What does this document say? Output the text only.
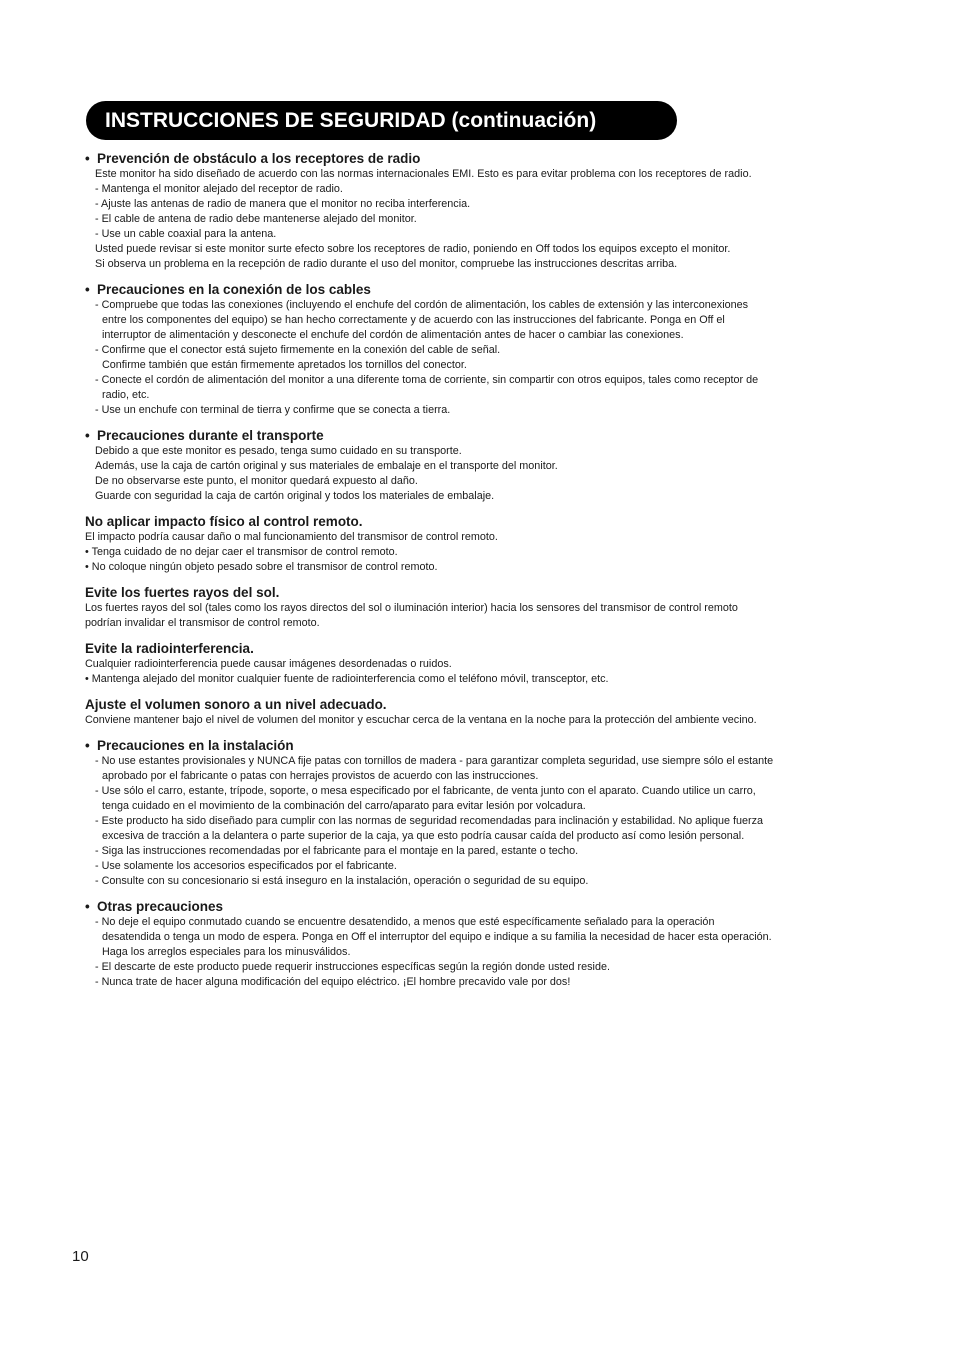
INSTRUCCIONES DE SEGURIDAD (continuación)
• Prevención de obstáculo a los receptores de radio
Este monitor ha sido diseñado de acuerdo con las normas internacionales EMI. Esto es para evitar problema con los receptores de radio.
- Mantenga el monitor alejado del receptor de radio.
- Ajuste las antenas de radio de manera que el monitor no reciba interferencia.
- El cable de antena de radio debe mantenerse alejado del monitor.
- Use un cable coaxial para la antena.
Usted puede revisar si este monitor surte efecto sobre los receptores de radio, poniendo en Off todos los equipos excepto el monitor.
Si observa un problema en la recepción de radio durante el uso del monitor, compruebe las instrucciones descritas arriba.
• Precauciones en la conexión de los cables
- Compruebe que todas las conexiones (incluyendo el enchufe del cordón de alimentación, los cables de extensión y las interconexiones
entre los componentes del equipo) se han hecho correctamente y de acuerdo con las instrucciones del fabricante. Ponga en Off el
interruptor de alimentación y desconecte el enchufe del cordón de alimentación antes de hacer o cambiar las conexiones.
- Confirme que el conector está sujeto firmemente en la conexión del cable de señal.
Confirme también que están firmemente apretados los tornillos del conector.
- Conecte el cordón de alimentación del monitor a una diferente toma de corriente, sin compartir con otros equipos, tales como receptor de
radio, etc.
- Use un enchufe con terminal de tierra y confirme que se conecta a tierra.
• Precauciones durante el transporte
Debido a que este monitor es pesado, tenga sumo cuidado en su transporte.
Además, use la caja de cartón original y sus materiales de embalaje en el transporte del monitor.
De no observarse este punto, el monitor quedará expuesto al daño.
Guarde con seguridad la caja de cartón original y todos los materiales de embalaje.
No aplicar impacto físico al control remoto.
El impacto podría causar daño o mal funcionamiento del transmisor de control remoto.
• Tenga cuidado de no dejar caer el transmisor de control remoto.
• No coloque ningún objeto pesado sobre el transmisor de control remoto.
Evite los fuertes rayos del sol.
Los fuertes rayos del sol (tales como los rayos directos del sol o iluminación interior) hacia los sensores del transmisor de control remoto
podrían invalidar el transmisor de control remoto.
Evite la radiointerferencia.
Cualquier radiointerferencia puede causar imágenes desordenadas o ruidos.
• Mantenga alejado del monitor cualquier fuente de radiointerferencia como el teléfono móvil, transceptor, etc.
Ajuste el volumen sonoro a un nivel adecuado.
Conviene mantener bajo el nivel de volumen del monitor y escuchar cerca de la ventana en la noche para la protección del ambiente vecino.
• Precauciones en la instalación
- No use estantes provisionales y NUNCA fije patas con tornillos de madera - para garantizar completa seguridad, use siempre sólo el estante
aprobado por el fabricante o patas con herrajes provistos de acuerdo con las instrucciones.
- Use sólo el carro, estante, trípode, soporte, o mesa especificado por el fabricante, de venta junto con el aparato. Cuando utilice un carro,
tenga cuidado en el movimiento de la combinación del carro/aparato para evitar lesión por volcadura.
- Este producto ha sido diseñado para cumplir con las normas de seguridad recomendadas para inclinación y estabilidad. No aplique fuerza
excesiva de tracción a la delantera o parte superior de la caja, ya que esto podría causar caída del producto así como lesión personal.
- Siga las instrucciones recomendadas por el fabricante para el montaje en la pared, estante o techo.
- Use solamente los accesorios especificados por el fabricante.
- Consulte con su concesionario si está inseguro en la instalación, operación o seguridad de su equipo.
• Otras precauciones
- No deje el equipo conmutado cuando se encuentre desatendido, a menos que esté específicamente señalado para la operación
desatendida o tenga un modo de espera. Ponga en Off el interruptor del equipo e indique a su familia la necesidad de hacer esta operación.
Haga los arreglos especiales para los minusválidos.
- El descarte de este producto puede requerir instrucciones específicas según la región donde usted reside.
- Nunca trate de hacer alguna modificación del equipo eléctrico. ¡El hombre precavido vale por dos!
10
